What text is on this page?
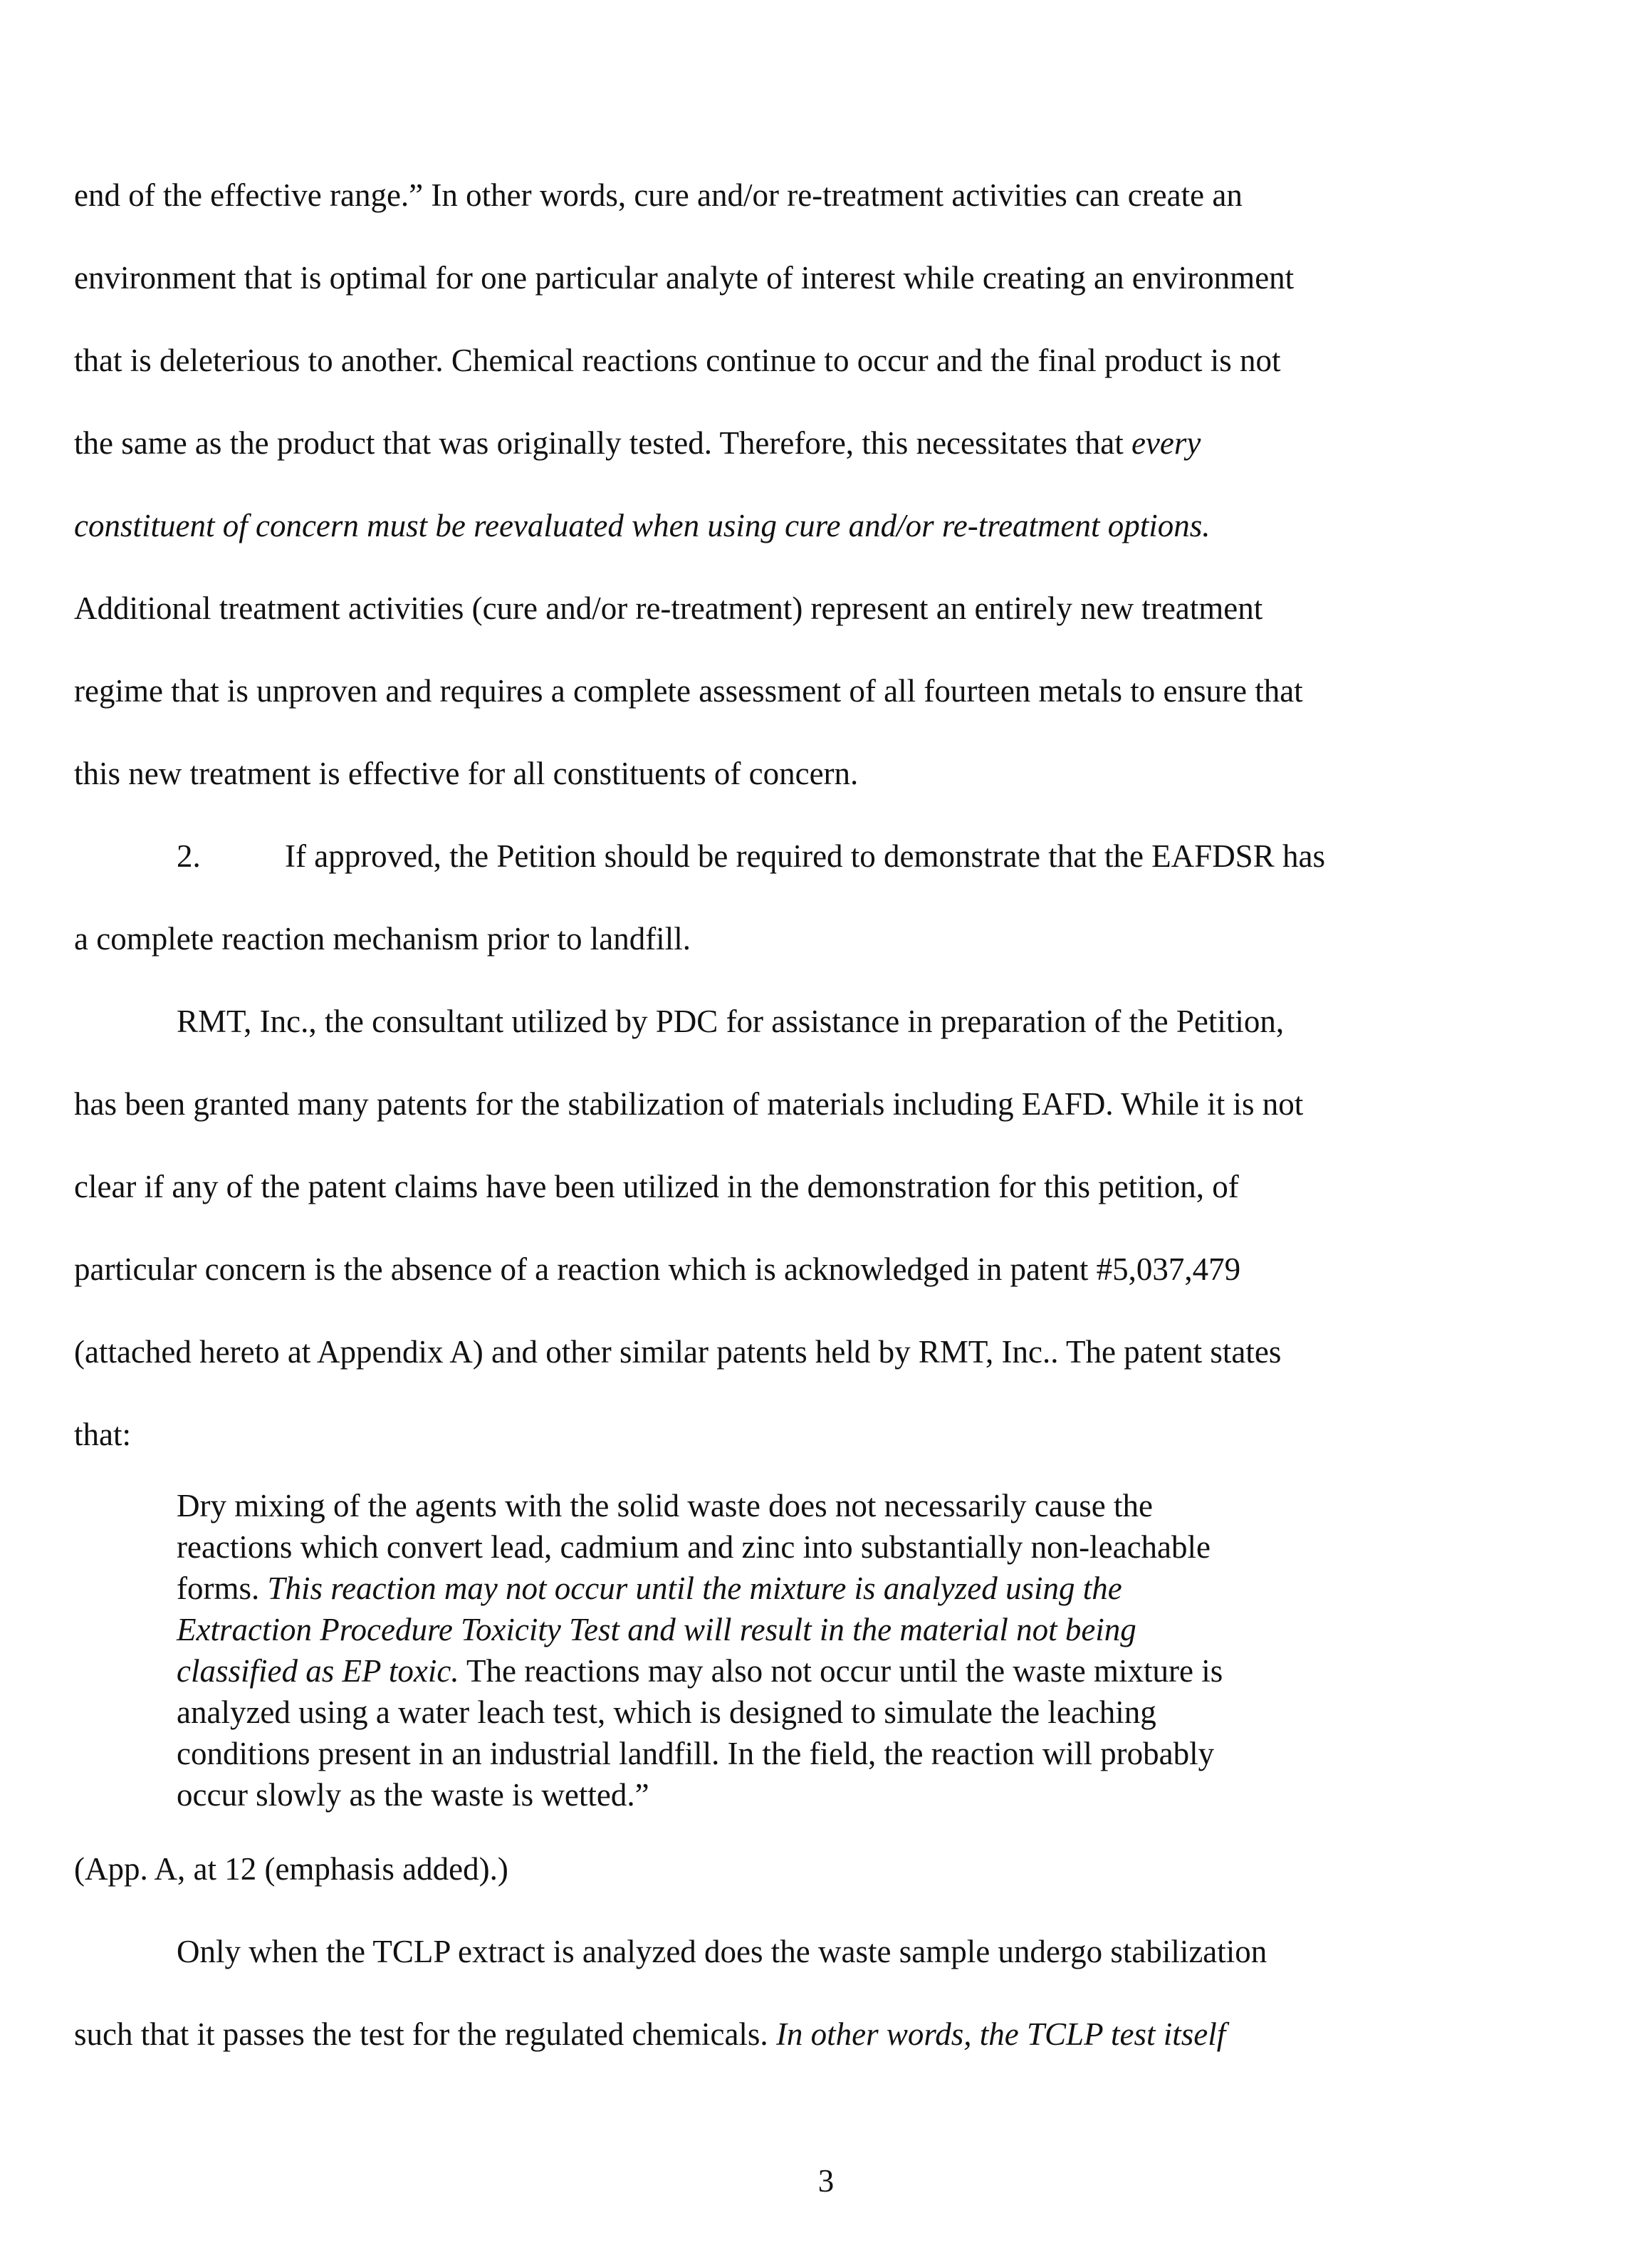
end of the effective range.” In other words, cure and/or re-treatment activities can create an
environment that is optimal for one particular analyte of interest while creating an environment
that is deleterious to another. Chemical reactions continue to occur and the final product is not
the same as the product that was originally tested. Therefore, this necessitates that every
constituent of concern must be reevaluated when using cure and/or re-treatment options.
Additional treatment activities (cure and/or re-treatment) represent an entirely new treatment
regime that is unproven and requires a complete assessment of all fourteen metals to ensure that
this new treatment is effective for all constituents of concern.
2.	If approved, the Petition should be required to demonstrate that the EAFDSR has
a complete reaction mechanism prior to landfill.
RMT, Inc., the consultant utilized by PDC for assistance in preparation of the Petition,
has been granted many patents for the stabilization of materials including EAFD. While it is not
clear if any of the patent claims have been utilized in the demonstration for this petition, of
particular concern is the absence of a reaction which is acknowledged in patent #5,037,479
(attached hereto at Appendix A) and other similar patents held by RMT, Inc.. The patent states
that:
Dry mixing of the agents with the solid waste does not necessarily cause the
reactions which convert lead, cadmium and zinc into substantially non-leachable
forms. This reaction may not occur until the mixture is analyzed using the
Extraction Procedure Toxicity Test and will result in the material not being
classified as EP toxic. The reactions may also not occur until the waste mixture is
analyzed using a water leach test, which is designed to simulate the leaching
conditions present in an industrial landfill. In the field, the reaction will probably
occur slowly as the waste is wetted.”
(App. A, at 12 (emphasis added).)
Only when the TCLP extract is analyzed does the waste sample undergo stabilization
such that it passes the test for the regulated chemicals. In other words, the TCLP test itself
3
